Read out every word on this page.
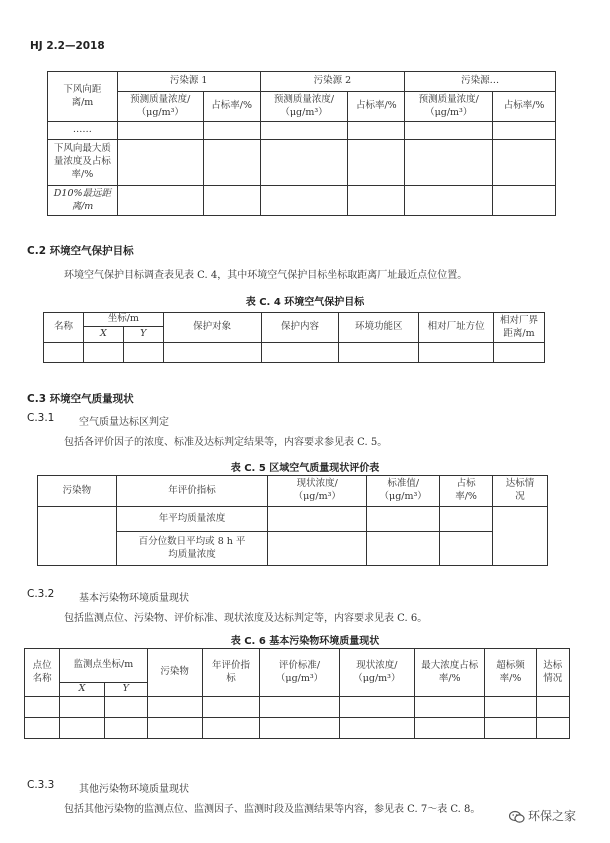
HJ 2.2—2018
下风向距离/m	污染源 1		污染源 2		污染源…	
	预测质量浓度/（μg/m³）	占标率/%	预测质量浓度/（μg/m³）	占标率/%	预测质量浓度/（μg/m³）	占标率/%
……						
下风向最大质量浓度及占标率/%						
D10%最远距离/m						
C.2 环境空气保护目标
环境空气保护目标调查表见表 C. 4，其中环境空气保护目标坐标取距离厂址最近点位位置。
表 C. 4 环境空气保护目标
名称	坐标/m		保护对象	保护内容	环境功能区	相对厂址方位	相对厂界距离/m
	X	Y					

C.3 环境空气质量现状
C.3.1 空气质量达标区判定
包括各评价因子的浓度、标准及达标判定结果等，内容要求参见表 C. 5。
表 C. 5 区域空气质量现状评价表
污染物	年评价指标	现状浓度/（μg/m³）	标准值/（μg/m³）	占标率/%	达标情况
	年平均质量浓度				
	百分位数日平均或 8 h 平均质量浓度				
C.3.2 基本污染物环境质量现状
包括监测点位、污染物、评价标准、现状浓度及达标判定等，内容要求见表 C. 6。
表 C. 6 基本污染物环境质量现状
点位名称	监测点坐标/m		污染物	年评价指标	评价标准/（μg/m³）	现状浓度/（μg/m³）	最大浓度占标率/%	超标频率/%	达标情况
	X	Y							

C.3.3 其他污染物环境质量现状
包括其他污染物的监测点位、监测因子、监测时段及监测结果等内容，参见表 C. 7～表 C. 8。	环保之家
